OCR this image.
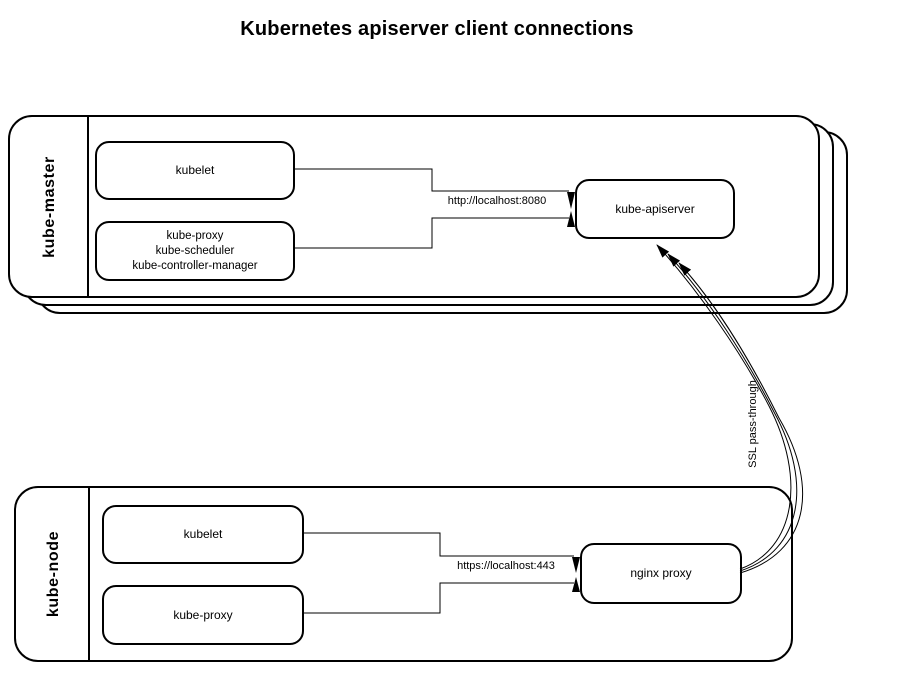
Kubernetes apiserver client connections
kube-master	kubelet
kube-proxy
kube-scheduler
kube-controller-manager
kube-apiserver
kube-node	kubelet
kube-proxy
nginx proxy
http://localhost:8080
https://localhost:443
SSL pass-through
